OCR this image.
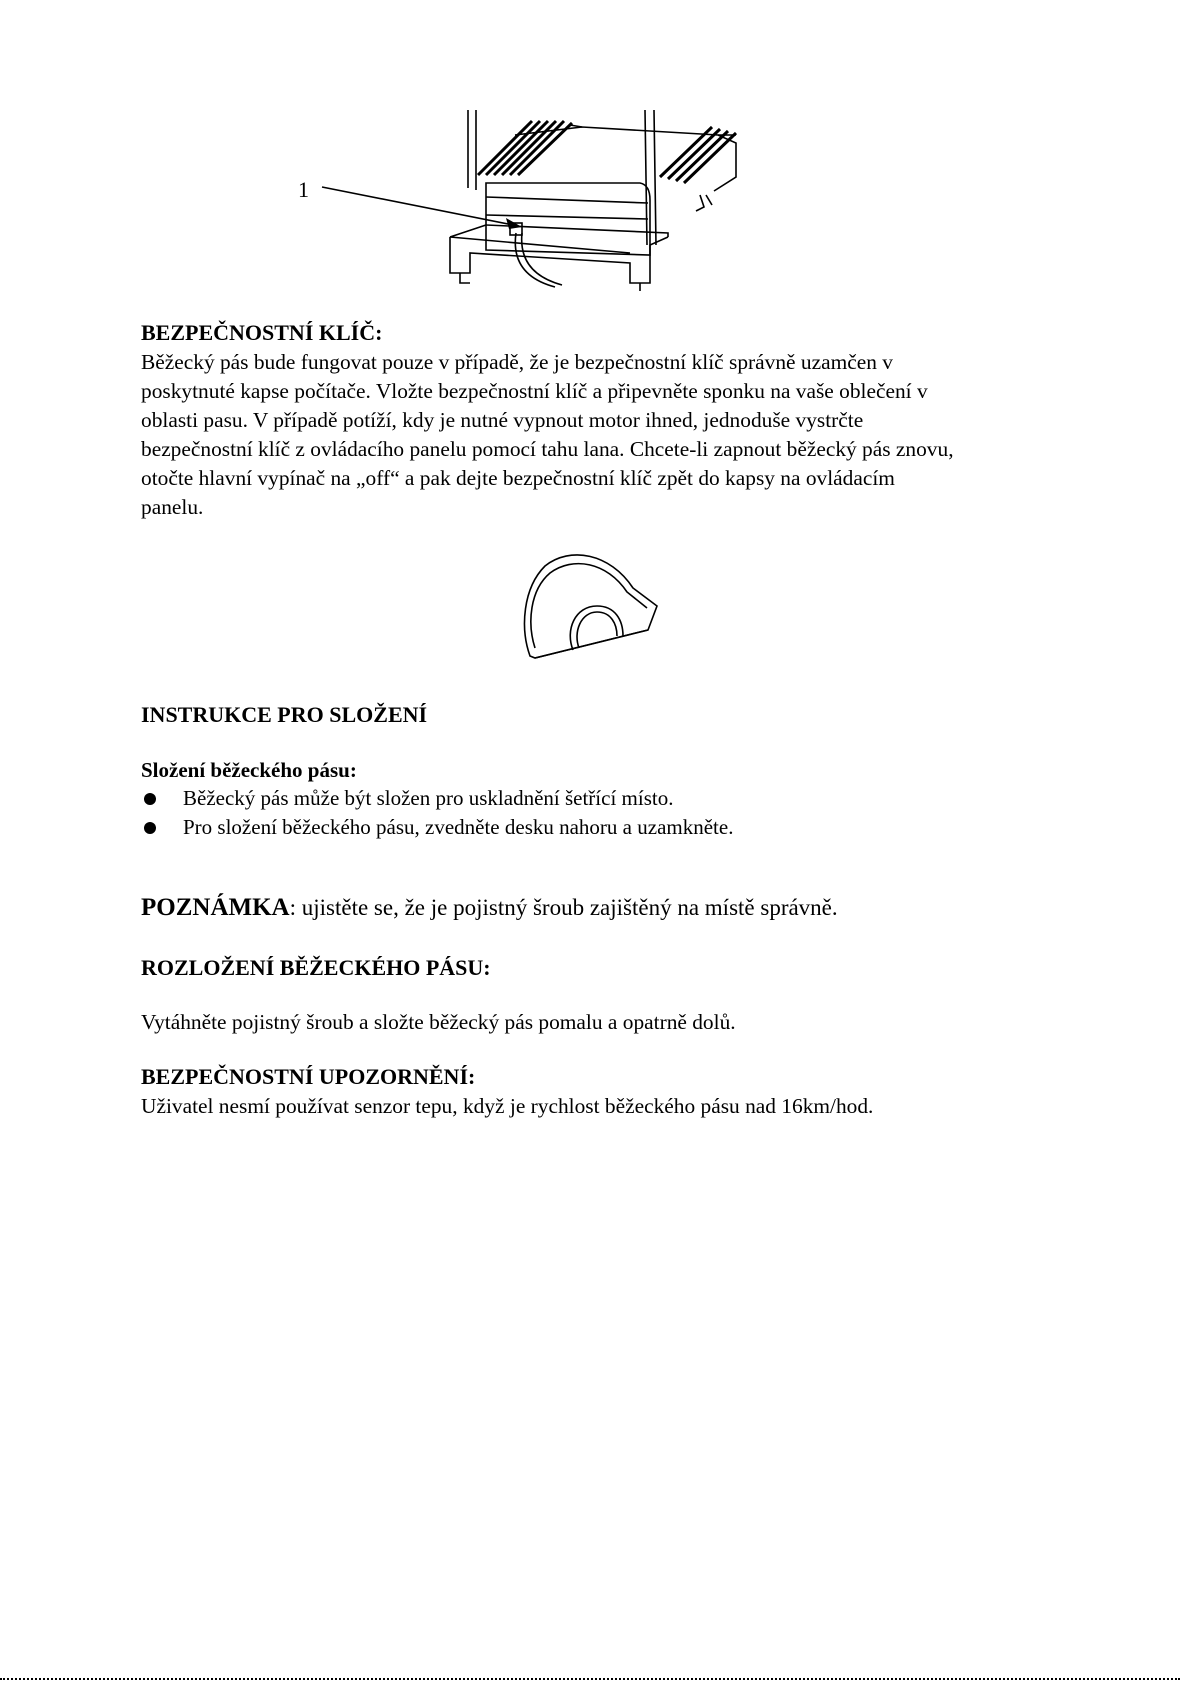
1
BEZPEČNOSTNÍ KLÍČ:

Běžecký pás bude fungovat pouze v případě, že je bezpečnostní klíč správně uzamčen v

poskytnuté kapse počítače. Vložte bezpečnostní klíč a připevněte sponku na vaše oblečení v

oblasti pasu. V případě potíží, kdy je nutné vypnout motor ihned, jednoduše vystrčte

bezpečnostní klíč z ovládacího panelu pomocí tahu lana. Chcete-li zapnout běžecký pás znovu,

otočte hlavní vypínač na „off“ a pak dejte bezpečnostní klíč zpět do kapsy na ovládacím

panelu.

INSTRUKCE PRO SLOŽENÍ
Složení běžeckého pásu:
Běžecký pás může být složen pro uskladnění šetřící místo.
Pro složení běžeckého pásu, zvedněte desku nahoru a uzamkněte.

POZNÁMKA: ujistěte se, že je pojistný šroub zajištěný na místě správně.

ROZLOŽENÍ BĚŽECKÉHO PÁSU:

Vytáhněte pojistný šroub a složte běžecký pás pomalu a opatrně dolů.

BEZPEČNOSTNÍ UPOZORNĚNÍ:

Uživatel nesmí používat senzor tepu, když je rychlost běžeckého pásu nad 16km/hod.
